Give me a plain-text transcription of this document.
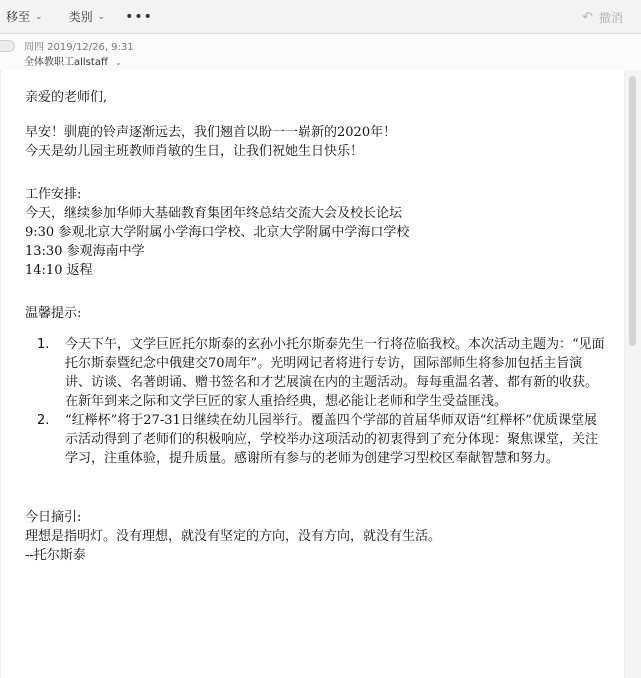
移至 ⌄ 类别 ⌄ •••	↶ 撤消
周四 2019/12/26, 9:31
全体教职工allstaff ⌄

亲爱的老师们,

早安！驯鹿的铃声逐渐远去，我们翘首以盼一一崭新的2020年！

今天是幼儿园主班教师肖敏的生日，让我们祝她生日快乐！

工作安排:

今天，继续参加华师大基础教育集团年终总结交流大会及校长论坛

9:30 参观北京大学附属小学海口学校、北京大学附属中学海口学校

13:30 参观海南中学

14:10 返程

温馨提示:

1. 今天下午，文学巨匠托尔斯泰的玄孙小托尔斯泰先生一行将莅临我校。本次活动主题为：“见面托尔斯泰暨纪念中俄建交70周年”。光明网记者将进行专访，国际部师生将参加包括主旨演讲、访谈、名著朗诵、赠书签名和才艺展演在内的主题活动。每每重温名著、都有新的收获。在新年到来之际和文学巨匠的家人重拾经典，想必能让老师和学生受益匪浅。
2. “红榉杯”将于27-31日继续在幼儿园举行。覆盖四个学部的首届华师双语“红榉杯”优质课堂展示活动得到了老师们的积极响应，学校举办这项活动的初衷得到了充分体现：聚焦课堂，关注学习，注重体验，提升质量。感谢所有参与的老师为创建学习型校区奉献智慧和努力。

今日摘引:

理想是指明灯。没有理想，就没有坚定的方向，没有方向，就没有生活。

--托尔斯泰
